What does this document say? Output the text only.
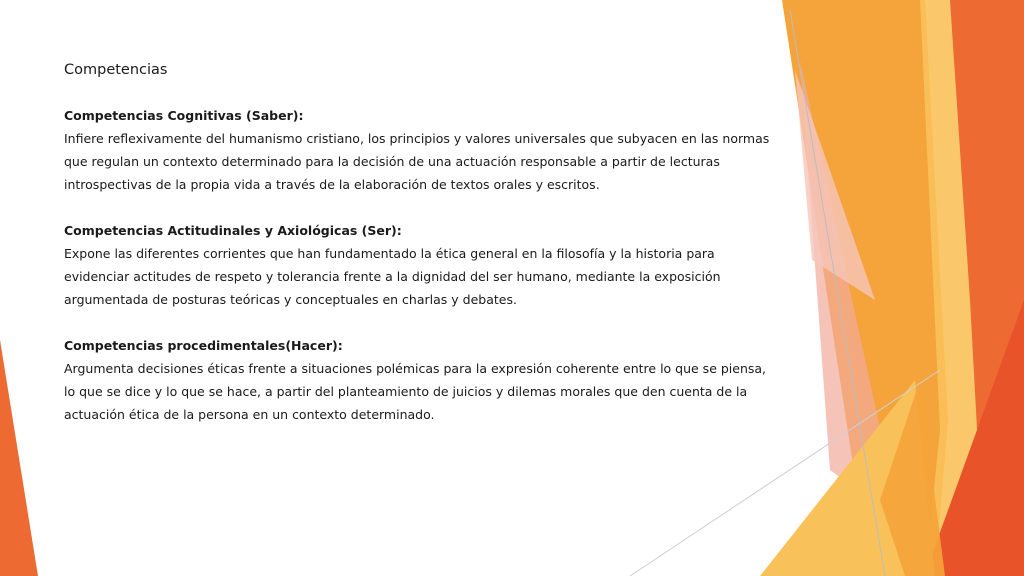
Competencias

Competencias Cognitivas (Saber):

Infiere reflexivamente del humanismo cristiano, los principios y valores universales que subyacen en las normas que regulan un contexto determinado para la decisión de una actuación responsable a partir de lecturas introspectivas de la propia vida a través de la elaboración de textos orales y escritos.

Competencias Actitudinales y Axiológicas (Ser):

Expone las diferentes corrientes que han fundamentado la ética general en la filosofía y la historia para evidenciar actitudes de respeto y tolerancia frente a la dignidad del ser humano, mediante la exposición argumentada de posturas teóricas y conceptuales en charlas y debates.

Competencias procedimentales(Hacer):

Argumenta decisiones éticas frente a situaciones polémicas para la expresión coherente entre lo que se piensa, lo que se dice y lo que se hace, a partir del planteamiento de juicios y dilemas morales que den cuenta de la actuación ética de la persona en un contexto determinado.
